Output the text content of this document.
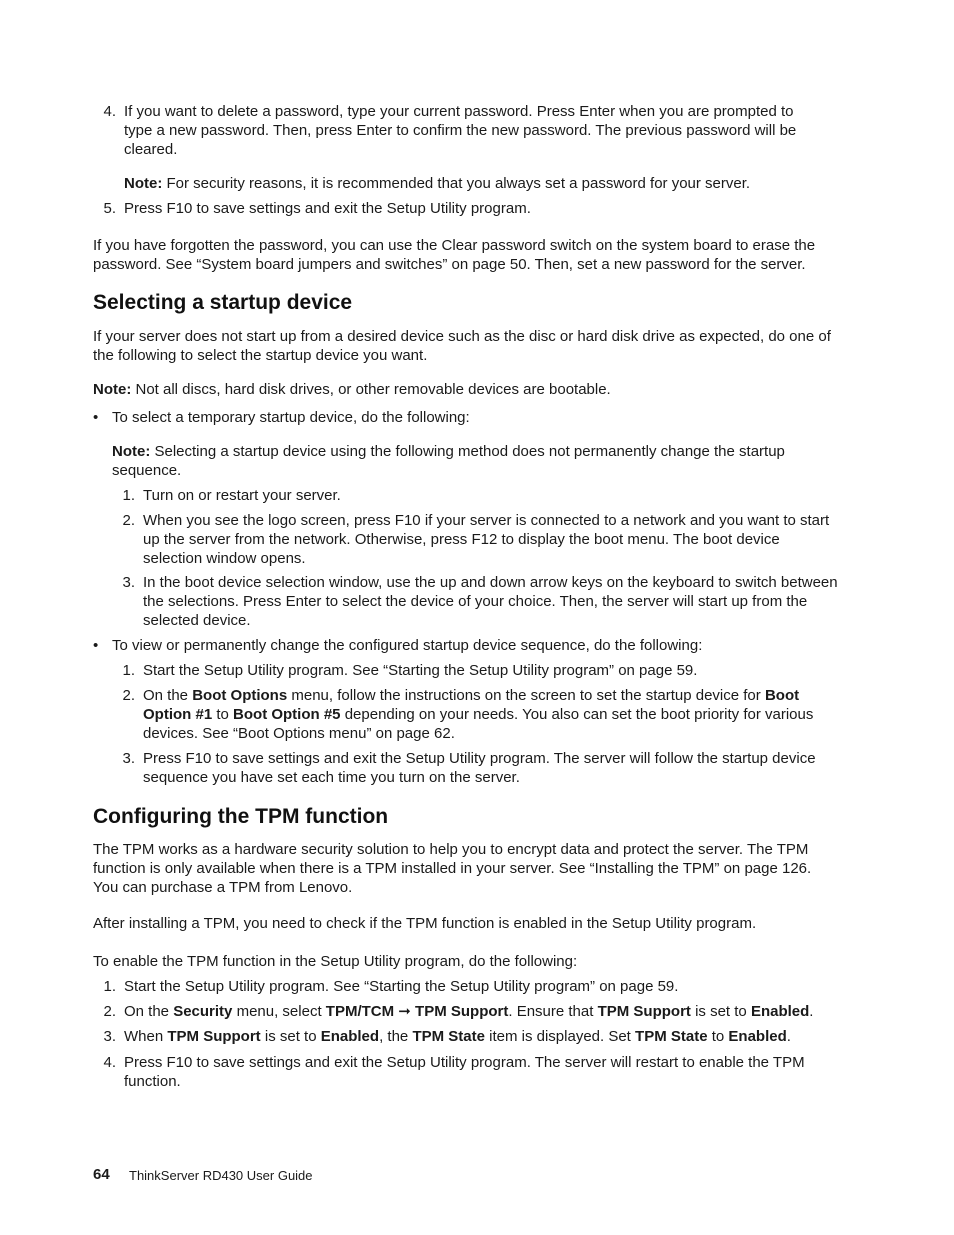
4. If you want to delete a password, type your current password. Press Enter when you are prompted to type a new password. Then, press Enter to confirm the new password. The previous password will be cleared.
Note: For security reasons, it is recommended that you always set a password for your server.
5. Press F10 to save settings and exit the Setup Utility program.
If you have forgotten the password, you can use the Clear password switch on the system board to erase the password. See “System board jumpers and switches” on page 50. Then, set a new password for the server.
Selecting a startup device
If your server does not start up from a desired device such as the disc or hard disk drive as expected, do one of the following to select the startup device you want.
Note: Not all discs, hard disk drives, or other removable devices are bootable.
• To select a temporary startup device, do the following:
Note: Selecting a startup device using the following method does not permanently change the startup sequence.
1. Turn on or restart your server.
2. When you see the logo screen, press F10 if your server is connected to a network and you want to start up the server from the network. Otherwise, press F12 to display the boot menu. The boot device selection window opens.
3. In the boot device selection window, use the up and down arrow keys on the keyboard to switch between the selections. Press Enter to select the device of your choice. Then, the server will start up from the selected device.
• To view or permanently change the configured startup device sequence, do the following:
1. Start the Setup Utility program. See “Starting the Setup Utility program” on page 59.
2. On the Boot Options menu, follow the instructions on the screen to set the startup device for Boot Option #1 to Boot Option #5 depending on your needs. You also can set the boot priority for various devices. See “Boot Options menu” on page 62.
3. Press F10 to save settings and exit the Setup Utility program. The server will follow the startup device sequence you have set each time you turn on the server.
Configuring the TPM function
The TPM works as a hardware security solution to help you to encrypt data and protect the server. The TPM function is only available when there is a TPM installed in your server. See “Installing the TPM” on page 126. You can purchase a TPM from Lenovo.
After installing a TPM, you need to check if the TPM function is enabled in the Setup Utility program.
To enable the TPM function in the Setup Utility program, do the following:
1. Start the Setup Utility program. See “Starting the Setup Utility program” on page 59.
2. On the Security menu, select TPM/TCM ➞ TPM Support. Ensure that TPM Support is set to Enabled.
3. When TPM Support is set to Enabled, the TPM State item is displayed. Set TPM State to Enabled.
4. Press F10 to save settings and exit the Setup Utility program. The server will restart to enable the TPM function.
64 ThinkServer RD430 User Guide
